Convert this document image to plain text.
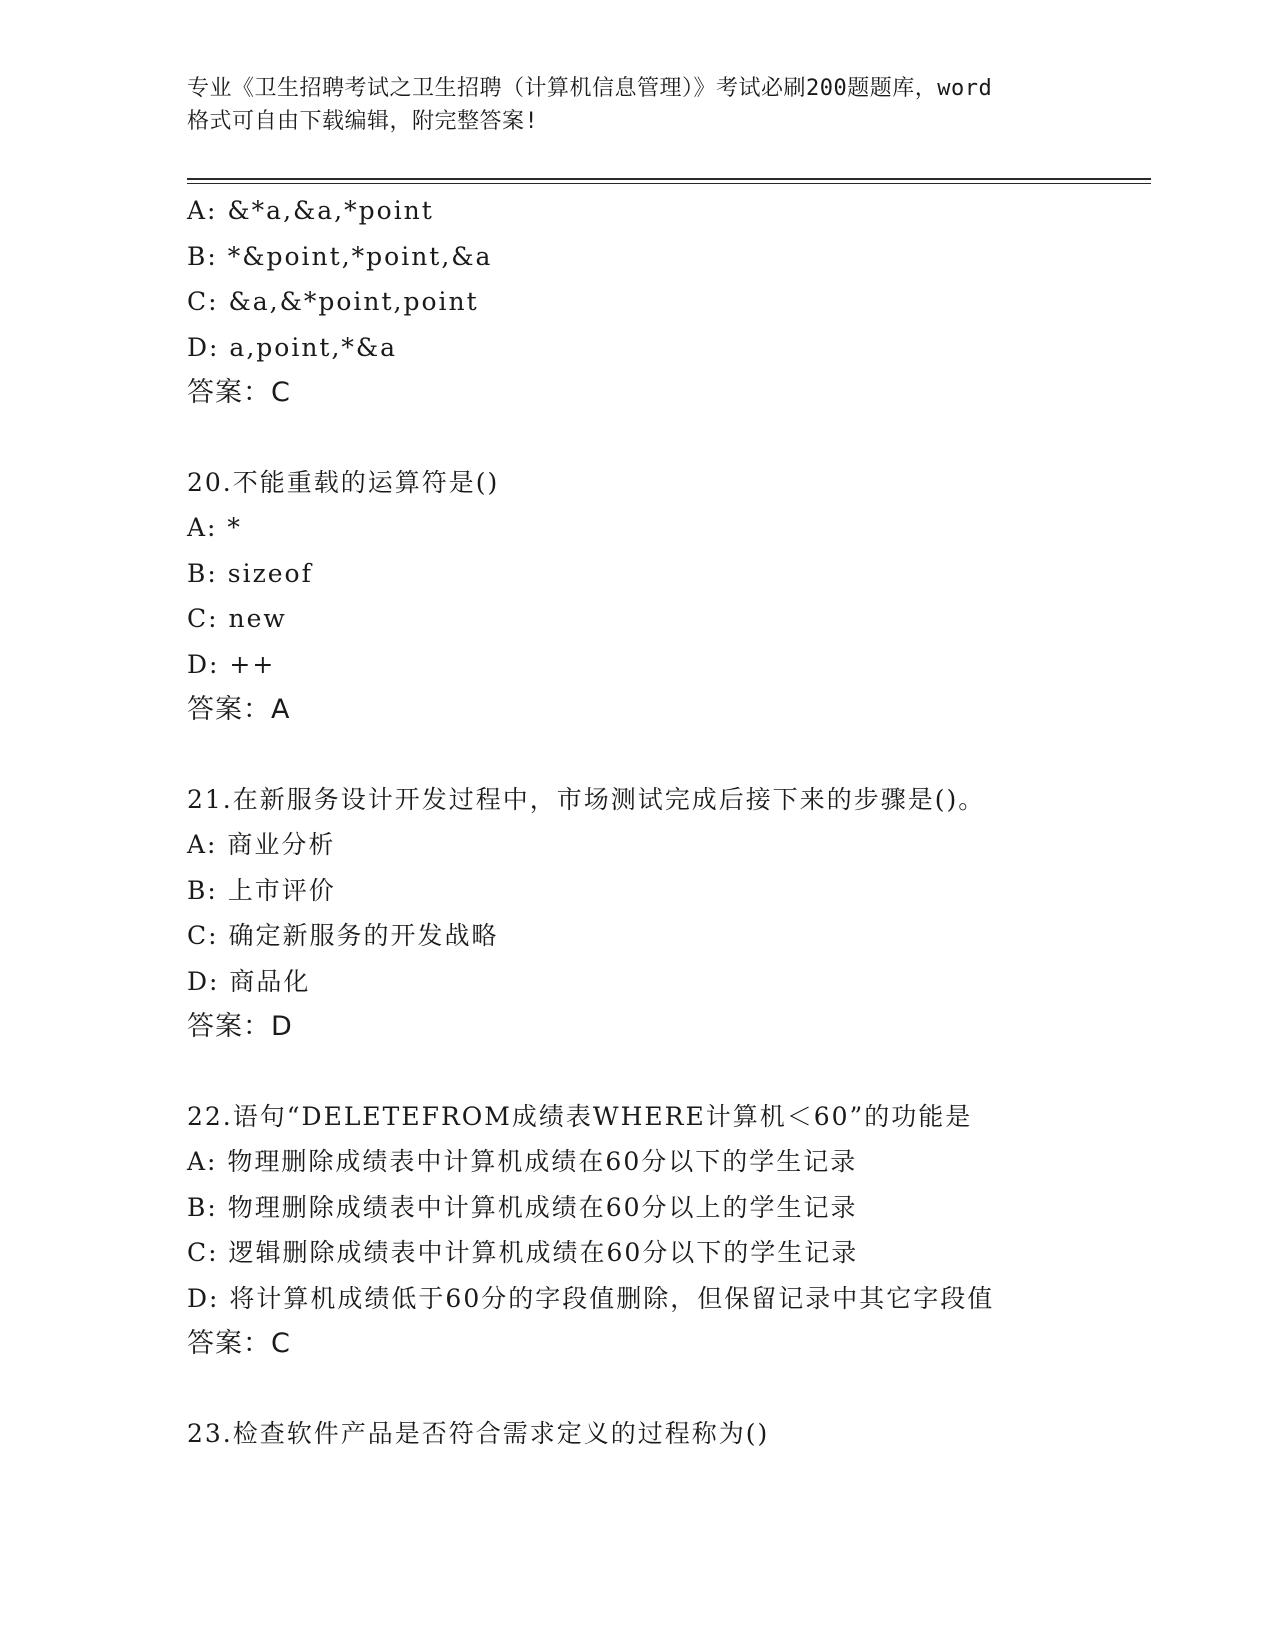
专业《卫生招聘考试之卫生招聘（计算机信息管理）》考试必刷200题题库，word
格式可自由下载编辑，附完整答案!
A: &*a,&a,*point
B: *&point,*point,&a
C: &a,&*point,point
D: a,point,*&a
答案：C
20.不能重载的运算符是()
A: *
B: sizeof
C: new
D: ++
答案：A
21.在新服务设计开发过程中，市场测试完成后接下来的步骤是()。
A: 商业分析
B: 上市评价
C: 确定新服务的开发战略
D: 商品化
答案：D
22.语句“DELETEFROM成绩表WHERE计算机＜60”的功能是
A: 物理删除成绩表中计算机成绩在60分以下的学生记录
B: 物理删除成绩表中计算机成绩在60分以上的学生记录
C: 逻辑删除成绩表中计算机成绩在60分以下的学生记录
D: 将计算机成绩低于60分的字段值删除，但保留记录中其它字段值
答案：C
23.检查软件产品是否符合需求定义的过程称为()
